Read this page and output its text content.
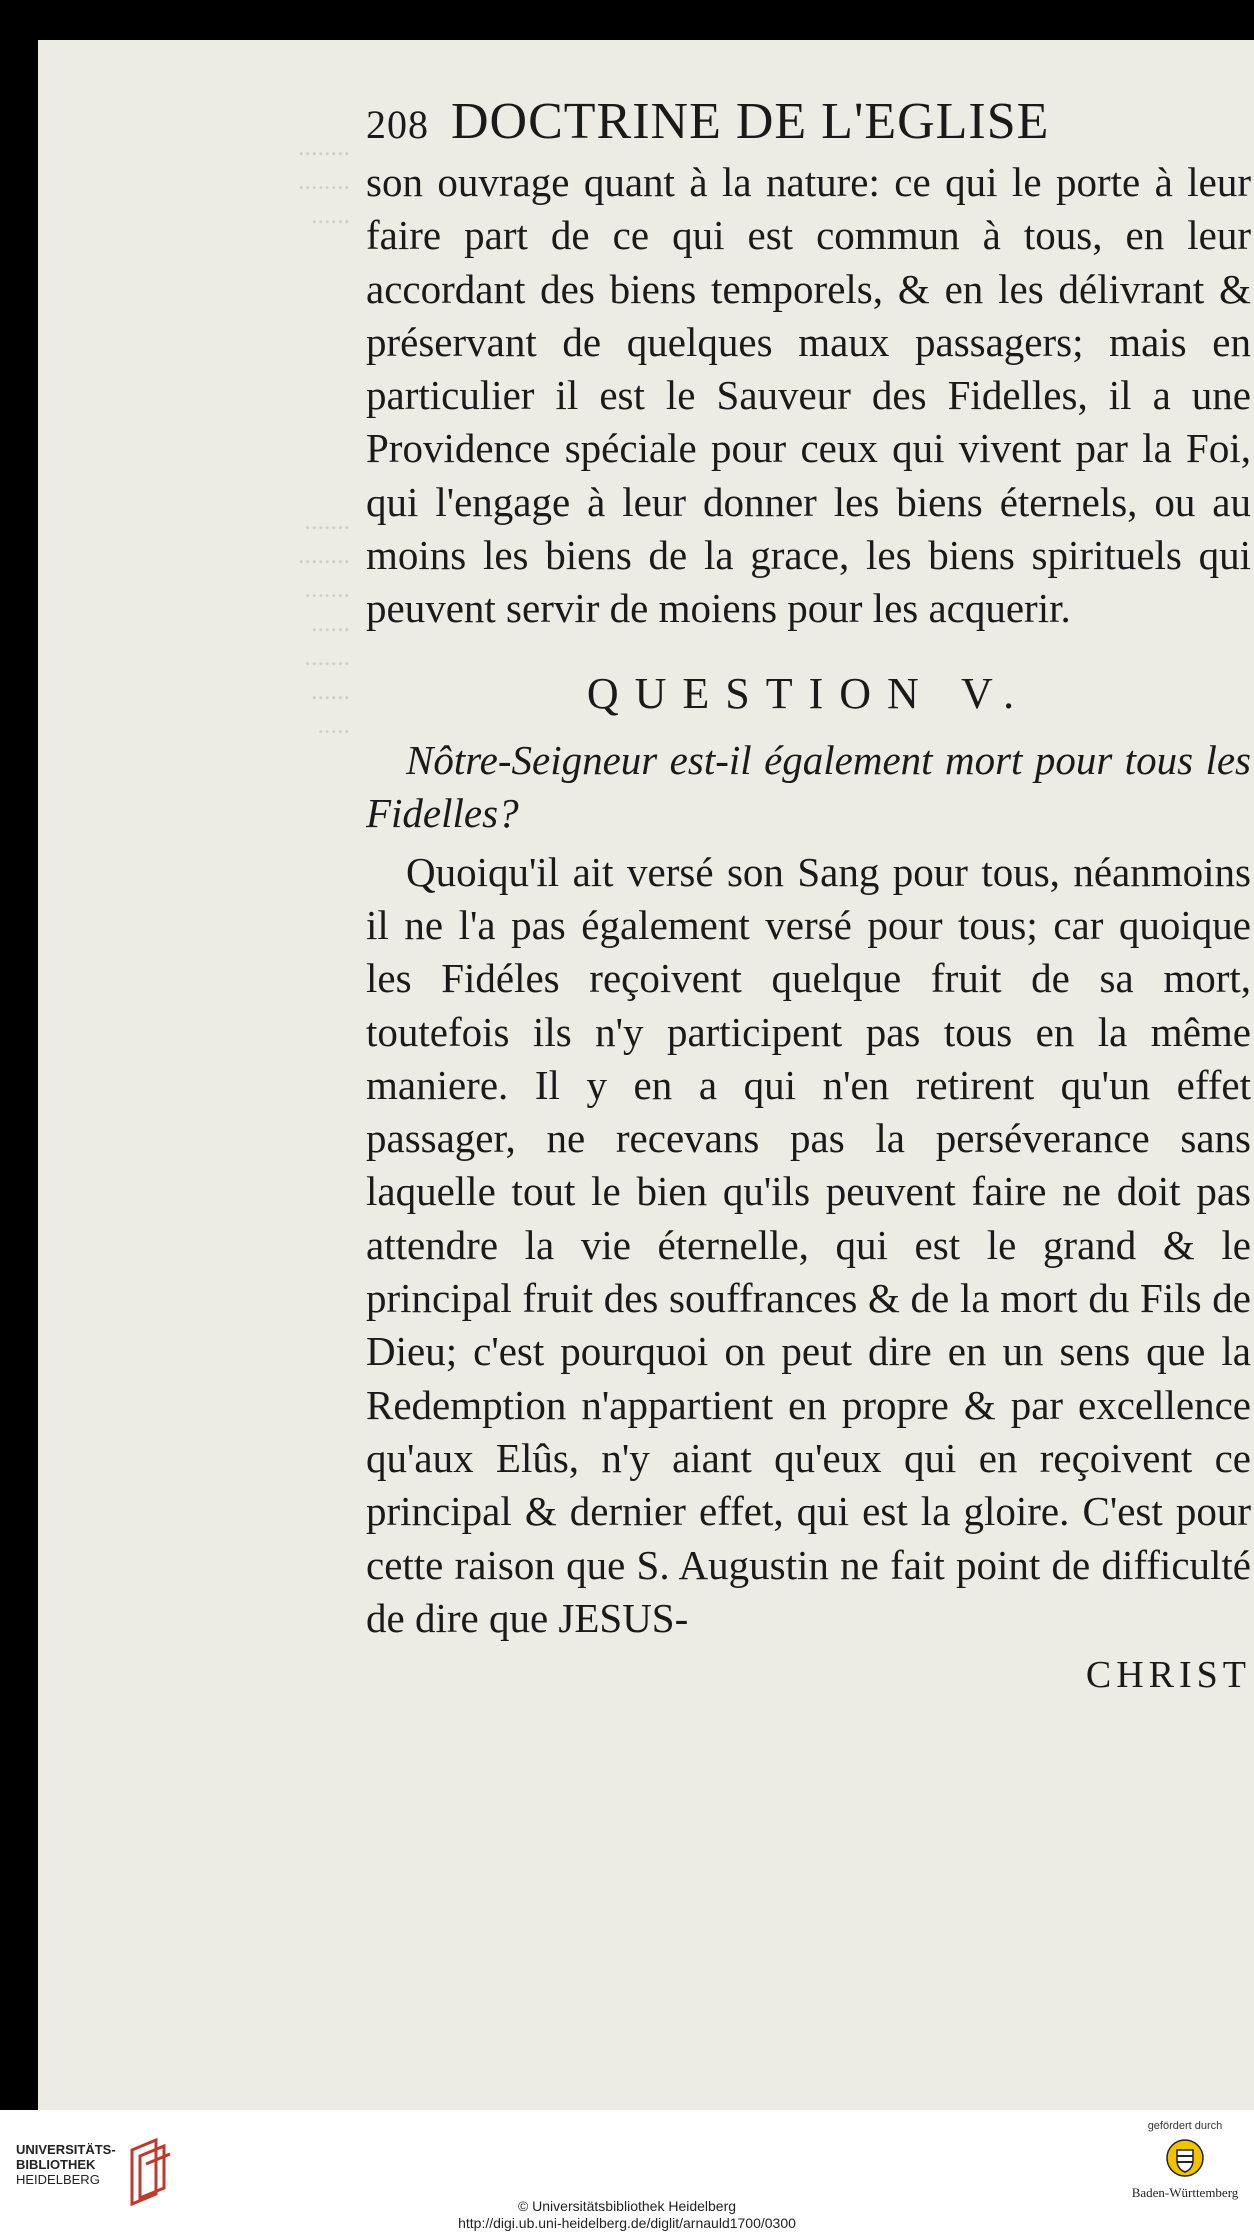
........
........
......

.......
........
.......
......
.......
......
.....
208 DOCTRINE DE L'EGLISE

son ouvrage quant à la nature: ce qui le porte à leur faire part de ce qui est commun à tous, en leur accordant des biens temporels, & en les délivrant & préservant de quelques maux passagers; mais en particulier il est le Sauveur des Fidelles, il a une Providence spéciale pour ceux qui vivent par la Foi, qui l'engage à leur donner les biens éternels, ou au moins les biens de la grace, les biens spirituels qui peuvent servir de moiens pour les acquerir.

QUESTION V.

Nôtre-Seigneur est-il également mort pour tous les Fidelles?

Quoiqu'il ait versé son Sang pour tous, néanmoins il ne l'a pas également versé pour tous; car quoique les Fidéles reçoivent quelque fruit de sa mort, toutefois ils n'y participent pas tous en la même maniere. Il y en a qui n'en retirent qu'un effet passager, ne recevans pas la perséverance sans laquelle tout le bien qu'ils peuvent faire ne doit pas attendre la vie éternelle, qui est le grand & le principal fruit des souffrances & de la mort du Fils de Dieu; c'est pourquoi on peut dire en un sens que la Redemption n'appartient en propre & par excellence qu'aux Elûs, n'y aiant qu'eux qui en reçoivent ce principal & dernier effet, qui est la gloire. C'est pour cette raison que S. Augustin ne fait point de difficulté de dire que JESUS-

CHRIST
UNIVERSITÄTS-
BIBLIOTHEK
HEIDELBERG
© Universitätsbibliothek Heidelberg
http://digi.ub.uni-heidelberg.de/diglit/arnauld1700/0300
gefördert durch
Baden-Württemberg
